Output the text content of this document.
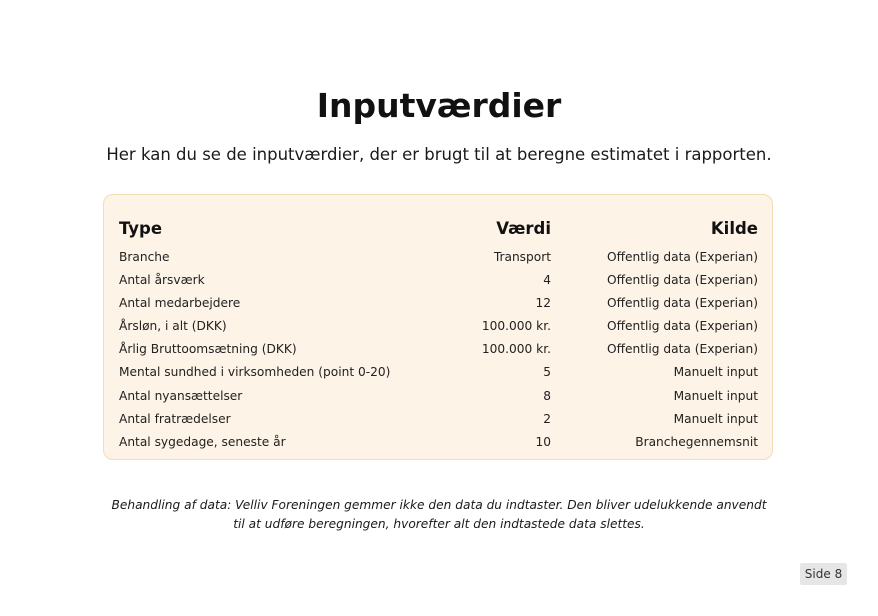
Inputværdier
Her kan du se de inputværdier, der er brugt til at beregne estimatet i rapporten.
Type	Værdi	Kilde
Branche	Transport	Offentlig data (Experian)
Antal årsværk	4	Offentlig data (Experian)
Antal medarbejdere	12	Offentlig data (Experian)
Årsløn, i alt (DKK)	100.000 kr.	Offentlig data (Experian)
Årlig Bruttoomsætning (DKK)	100.000 kr.	Offentlig data (Experian)
Mental sundhed i virksomheden (point 0-20)	5	Manuelt input
Antal nyansættelser	8	Manuelt input
Antal fratrædelser	2	Manuelt input
Antal sygedage, seneste år	10	Branchegennemsnit
Behandling af data: Velliv Foreningen gemmer ikke den data du indtaster. Den bliver udelukkende anvendt til at udføre beregningen, hvorefter alt den indtastede data slettes.
Side 8
